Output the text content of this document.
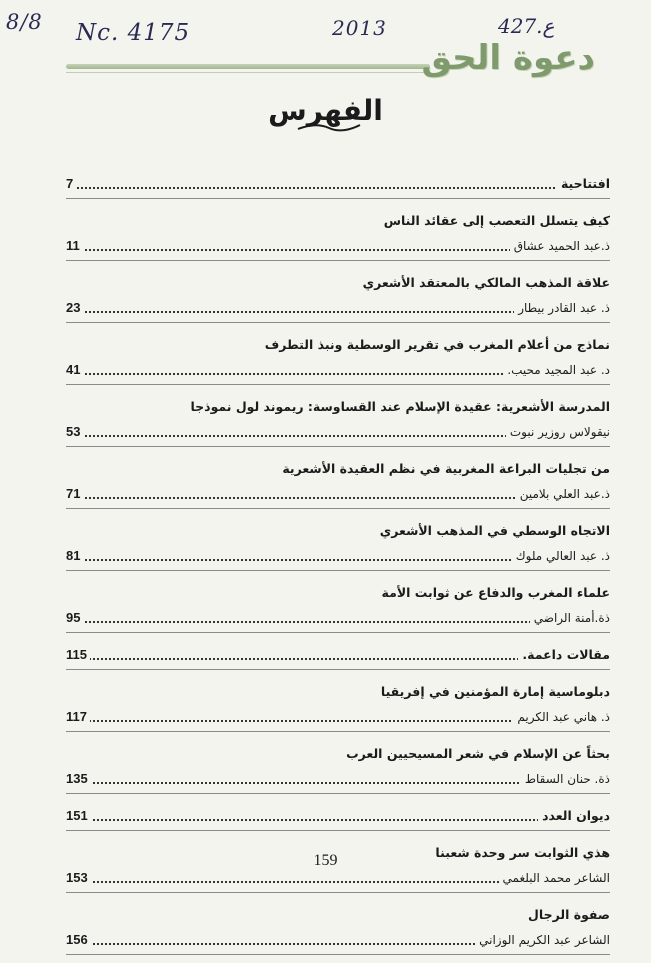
8/8 Nc. 4175	2013	427.ع
دعوة الحق
الفهرس
7	افتتاحية
كيف يتسلل التعصب إلى عقائد الناس
11	ذ.عبد الحميد عشاق
علاقة المذهب المالكي بالمعتقد الأشعري
23	ذ. عبد القادر بيطار
نماذج من أعلام المغرب في تقرير الوسطية ونبذ التطرف
41	د. عبد المجيد محيب.
المدرسة الأشعرية: عقيدة الإسلام عند القساوسة: ريموند لول نموذجا
53	نيقولاس روزير نبوت
من تجليات البراعة المغربية في نظم العقيدة الأشعرية
71	ذ.عبد العلي بلامين
الاتجاه الوسطي في المذهب الأشعري
81	ذ. عبد العالي ملوك
علماء المغرب والدفاع عن ثوابت الأمة
95	ذة.أمنة الراضي
115	مقالات داعمة.
دبلوماسية إمارة المؤمنين في إفريقيا
117	ذ. هاني عبد الكريم
بحثاً عن الإسلام في شعر المسيحيين العرب
135	ذة. حنان السقاط
151	ديوان العدد
هذي الثوابت سر وحدة شعبنا
153	الشاعر محمد البلغمي
صفوة الرجال
156	الشاعر عبد الكريم الوزاني
159
